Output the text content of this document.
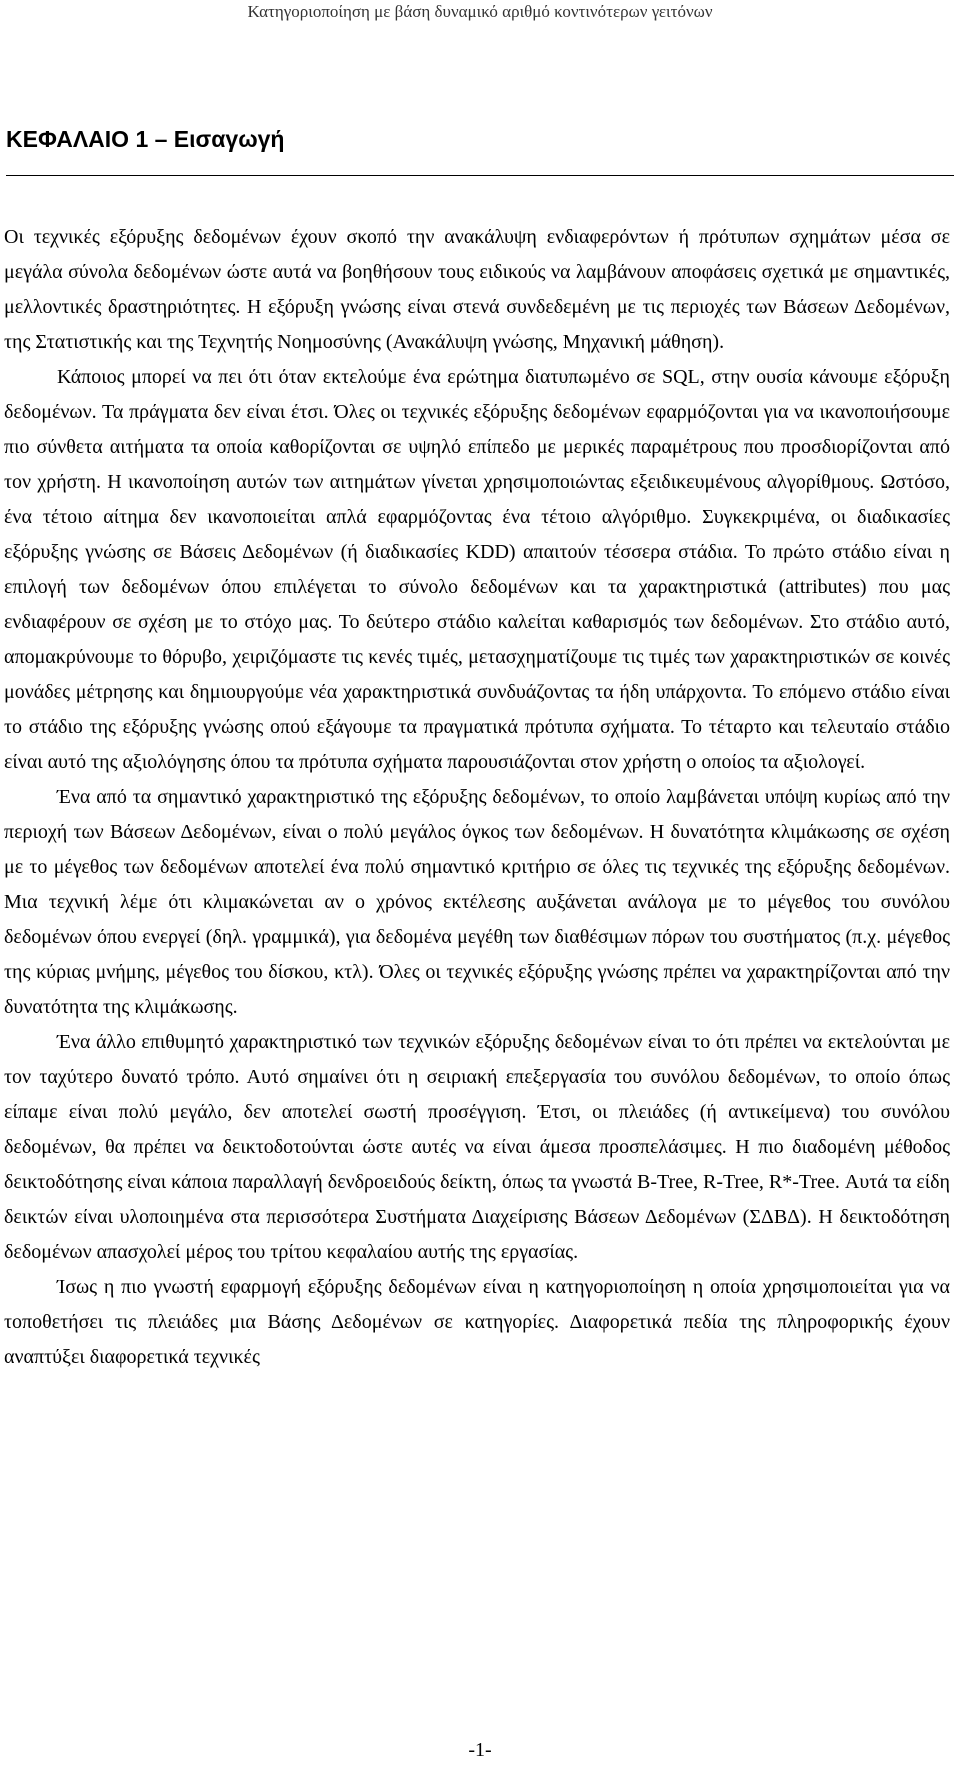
Κατηγοριοποίηση με βάση δυναμικό αριθμό κοντινότερων γειτόνων
ΚΕΦΑΛΑΙΟ 1 – Εισαγωγή

Οι τεχνικές εξόρυξης δεδομένων έχουν σκοπό την ανακάλυψη ενδιαφερόντων ή πρότυπων σχημάτων μέσα σε μεγάλα σύνολα δεδομένων ώστε αυτά να βοηθήσουν τους ειδικούς να λαμβάνουν αποφάσεις σχετικά με σημαντικές, μελλοντικές δραστηριότητες. Η εξόρυξη γνώσης είναι στενά συνδεδεμένη με τις περιοχές των Βάσεων Δεδομένων, της Στατιστικής και της Τεχνητής Νοημοσύνης (Ανακάλυψη γνώσης, Μηχανική μάθηση).

Κάποιος μπορεί να πει ότι όταν εκτελούμε ένα ερώτημα διατυπωμένο σε SQL, στην ουσία κάνουμε εξόρυξη δεδομένων. Τα πράγματα δεν είναι έτσι. Όλες οι τεχνικές εξόρυξης δεδομένων εφαρμόζονται για να ικανοποιήσουμε πιο σύνθετα αιτήματα τα οποία καθορίζονται σε υψηλό επίπεδο με μερικές παραμέτρους που προσδιορίζονται από τον χρήστη. Η ικανοποίηση αυτών των αιτημάτων γίνεται χρησιμοποιώντας εξειδικευμένους αλγορίθμους. Ωστόσο, ένα τέτοιο αίτημα δεν ικανοποιείται απλά εφαρμόζοντας ένα τέτοιο αλγόριθμο. Συγκεκριμένα, οι διαδικασίες εξόρυξης γνώσης σε Βάσεις Δεδομένων (ή διαδικασίες KDD) απαιτούν τέσσερα στάδια. Το πρώτο στάδιο είναι η επιλογή των δεδομένων όπου επιλέγεται το σύνολο δεδομένων και τα χαρακτηριστικά (attributes) που μας ενδιαφέρουν σε σχέση με το στόχο μας. Το δεύτερο στάδιο καλείται καθαρισμός των δεδομένων. Στο στάδιο αυτό, απομακρύνουμε το θόρυβο, χειριζόμαστε τις κενές τιμές, μετασχηματίζουμε τις τιμές των χαρακτηριστικών σε κοινές μονάδες μέτρησης και δημιουργούμε νέα χαρακτηριστικά συνδυάζοντας τα ήδη υπάρχοντα. Το επόμενο στάδιο είναι το στάδιο της εξόρυξης γνώσης οπού εξάγουμε τα πραγματικά πρότυπα σχήματα. Το τέταρτο και τελευταίο στάδιο είναι αυτό της αξιολόγησης όπου τα πρότυπα σχήματα παρουσιάζονται στον χρήστη ο οποίος τα αξιολογεί.

Ένα από τα σημαντικό χαρακτηριστικό της εξόρυξης δεδομένων, το οποίο λαμβάνεται υπόψη κυρίως από την περιοχή των Βάσεων Δεδομένων, είναι ο πολύ μεγάλος όγκος των δεδομένων. Η δυνατότητα κλιμάκωσης σε σχέση με το μέγεθος των δεδομένων αποτελεί ένα πολύ σημαντικό κριτήριο σε όλες τις τεχνικές της εξόρυξης δεδομένων. Μια τεχνική λέμε ότι κλιμακώνεται αν ο χρόνος εκτέλεσης αυξάνεται ανάλογα με το μέγεθος του συνόλου δεδομένων όπου ενεργεί (δηλ. γραμμικά), για δεδομένα μεγέθη των διαθέσιμων πόρων του συστήματος (π.χ. μέγεθος της κύριας μνήμης, μέγεθος του δίσκου, κτλ). Όλες οι τεχνικές εξόρυξης γνώσης πρέπει να χαρακτηρίζονται από την δυνατότητα της κλιμάκωσης.

Ένα άλλο επιθυμητό χαρακτηριστικό των τεχνικών εξόρυξης δεδομένων είναι το ότι πρέπει να εκτελούνται με τον ταχύτερο δυνατό τρόπο. Αυτό σημαίνει ότι η σειριακή επεξεργασία του συνόλου δεδομένων, το οποίο όπως είπαμε είναι πολύ μεγάλο, δεν αποτελεί σωστή προσέγγιση. Έτσι, οι πλειάδες (ή αντικείμενα) του συνόλου δεδομένων, θα πρέπει να δεικτοδοτούνται ώστε αυτές να είναι άμεσα προσπελάσιμες. Η πιο διαδομένη μέθοδος δεικτοδότησης είναι κάποια παραλλαγή δενδροειδούς δείκτη, όπως τα γνωστά B-Tree, R-Tree, R*-Tree. Αυτά τα είδη δεικτών είναι υλοποιημένα στα περισσότερα Συστήματα Διαχείρισης Βάσεων Δεδομένων (ΣΔΒΔ). Η δεικτοδότηση δεδομένων απασχολεί μέρος του τρίτου κεφαλαίου αυτής της εργασίας.

Ίσως η πιο γνωστή εφαρμογή εξόρυξης δεδομένων είναι η κατηγοριοποίηση η οποία χρησιμοποιείται για να τοποθετήσει τις πλειάδες μια Βάσης Δεδομένων σε κατηγορίες. Διαφορετικά πεδία της πληροφορικής έχουν αναπτύξει διαφορετικά τεχνικές

-1-
